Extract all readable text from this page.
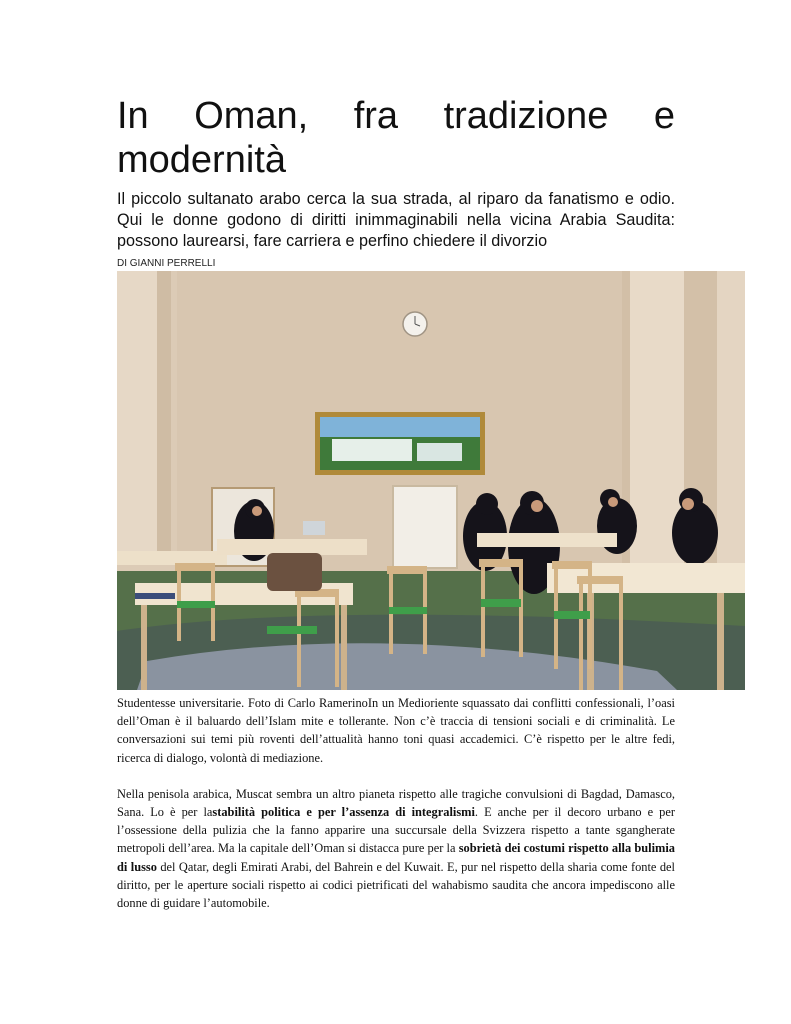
In Oman, fra tradizione e
modernità

Il piccolo sultanato arabo cerca la sua strada, al riparo da fanatismo e odio. Qui le donne godono di diritti inimmaginabili nella vicina Arabia Saudita: possono laurearsi, fare carriera e perfino chiedere il divorzio

DI GIANNI PERRELLI

Studentesse universitarie. Foto di Carlo RamerinoIn un Medioriente squassato dai conflitti confessionali, l’oasi dell’Oman è il baluardo dell’Islam mite e tollerante. Non c’è traccia di tensioni sociali e di criminalità. Le conversazioni sui temi più roventi dell’attualità hanno toni quasi accademici. C’è rispetto per le altre fedi, ricerca di dialogo, volontà di mediazione.

Nella penisola arabica, Muscat sembra un altro pianeta rispetto alle tragiche convulsioni di Bagdad, Damasco, Sana. Lo è per lastabilità politica e per l’assenza di integralismi. E anche per il decoro urbano e per l’ossessione della pulizia che la fanno apparire una succursale della Svizzera rispetto a tante sgangherate metropoli dell’area. Ma la capitale dell’Oman si distacca pure per la sobrietà dei costumi rispetto alla bulimia di lusso del Qatar, degli Emirati Arabi, del Bahrein e del Kuwait. E, pur nel rispetto della sharia come fonte del diritto, per le aperture sociali rispetto ai codici pietrificati del wahabismo saudita che ancora impediscono alle donne di guidare l’automobile.
